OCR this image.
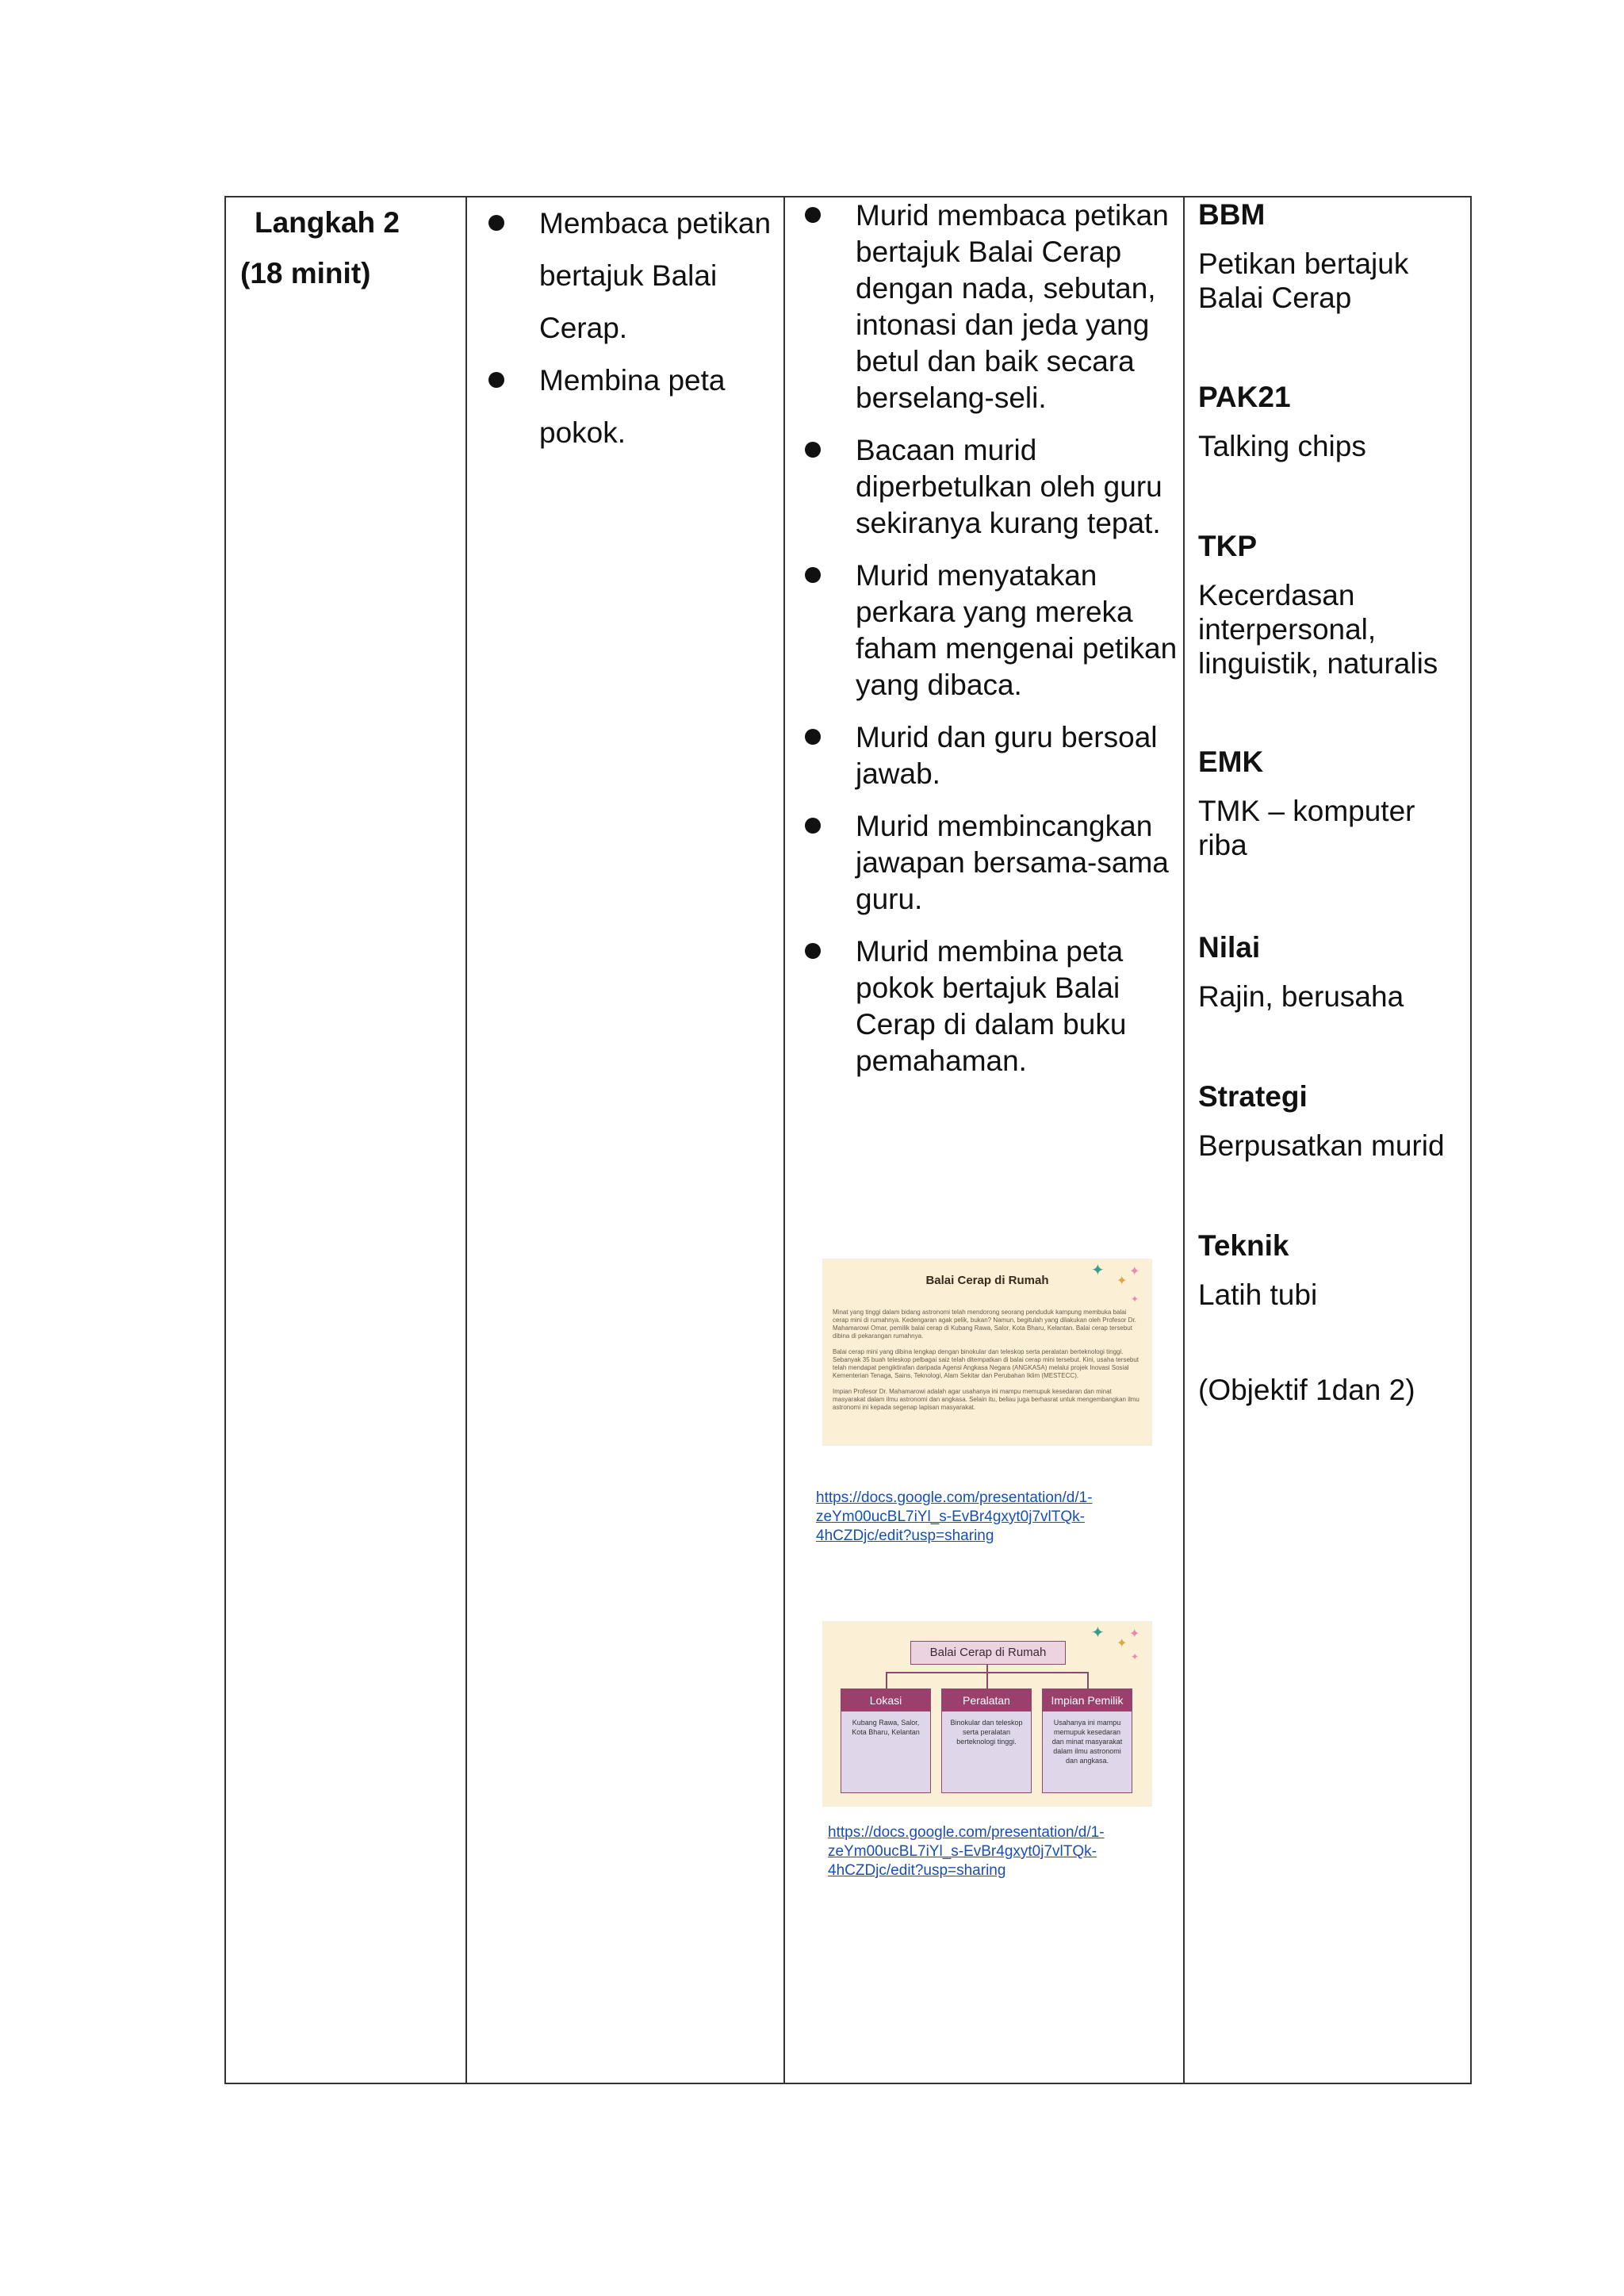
Langkah 2
(18 minit)
Membaca petikan bertajuk Balai Cerap.
Membina peta pokok.
Murid membaca petikan bertajuk Balai Cerap dengan nada, sebutan, intonasi dan jeda yang betul dan baik secara berselang-seli.
Bacaan murid diperbetulkan oleh guru sekiranya kurang tepat.
Murid menyatakan perkara yang mereka faham mengenai petikan yang dibaca.
Murid dan guru bersoal jawab.
Murid membincangkan jawapan bersama-sama guru.
Murid membina peta pokok bertajuk Balai Cerap di dalam buku pemahaman.
✦
✦
✦
✦
Balai Cerap di Rumah

Minat yang tinggi dalam bidang astronomi telah mendorong seorang penduduk kampung membuka balai cerap mini di rumahnya. Kedengaran agak pelik, bukan? Namun, begitulah yang dilakukan oleh Profesor Dr. Mahamarowi Omar, pemilik balai cerap di Kubang Rawa, Salor, Kota Bharu, Kelantan. Balai cerap tersebut dibina di pekarangan rumahnya.

Balai cerap mini yang dibina lengkap dengan binokular dan teleskop serta peralatan berteknologi tinggi. Sebanyak 35 buah teleskop pelbagai saiz telah ditempatkan di balai cerap mini tersebut. Kini, usaha tersebut telah mendapat pengiktirafan daripada Agensi Angkasa Negara (ANGKASA) melalui projek Inovasi Sosial Kementerian Tenaga, Sains, Teknologi, Alam Sekitar dan Perubahan Iklim (MESTECC).

Impian Profesor Dr. Mahamarowi adalah agar usahanya ini mampu memupuk kesedaran dan minat masyarakat dalam ilmu astronomi dan angkasa. Selain itu, beliau juga berhasrat untuk mengembangkan ilmu astronomi ini kepada segenap lapisan masyarakat.

https://docs.google.com/presentation/d/1-zeYm00ucBL7iYl_s-EvBr4gxyt0j7vlTQk-4hCZDjc/edit?usp=sharing
✦
✦
✦
✦
Balai Cerap di Rumah
Lokasi
Kubang Rawa, Salor, Kota Bharu, Kelantan
Peralatan
Binokular dan teleskop serta peralatan berteknologi tinggi.
Impian Pemilik
Usahanya ini mampu memupuk kesedaran dan minat masyarakat dalam ilmu astronomi dan angkasa.
https://docs.google.com/presentation/d/1-zeYm00ucBL7iYl_s-EvBr4gxyt0j7vlTQk-4hCZDjc/edit?usp=sharing

BBM

Petikan bertajuk Balai Cerap

PAK21

Talking chips

TKP

Kecerdasan interpersonal, linguistik, naturalis

EMK

TMK – komputer riba

Nilai

Rajin, berusaha

Strategi

Berpusatkan murid

Teknik

Latih tubi

(Objektif 1dan 2)
